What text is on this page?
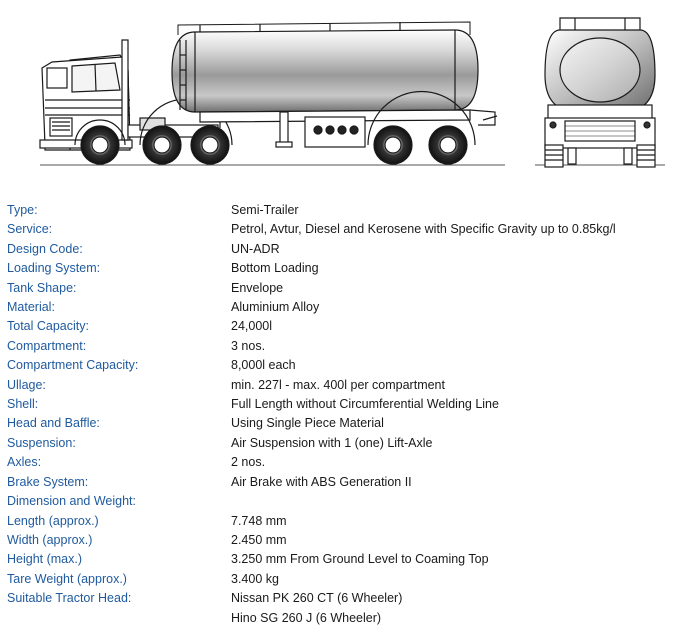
Type:	Semi-Trailer
Service:	Petrol, Avtur, Diesel and Kerosene with Specific Gravity up to 0.85kg/l
Design Code:	UN-ADR
Loading System:	Bottom Loading
Tank Shape:	Envelope
Material:	Aluminium Alloy
Total Capacity:	24,000l
Compartment:	3 nos.
Compartment Capacity:	8,000l each
Ullage:	min. 227l - max. 400l per compartment
Shell:	Full Length without Circumferential Welding Line
Head and Baffle:	Using Single Piece Material
Suspension:	Air Suspension with 1 (one) Lift-Axle
Axles:	2 nos.
Brake System:	Air Brake with ABS Generation II
Dimension and Weight:	
Length (approx.)	7.748 mm
Width (approx.)	2.450 mm
Height (max.)	3.250 mm From Ground Level to Coaming Top
Tare Weight (approx.)	3.400 kg
Suitable Tractor Head:	Nissan PK 260 CT (6 Wheeler)
	Hino SG 260 J (6 Wheeler)
